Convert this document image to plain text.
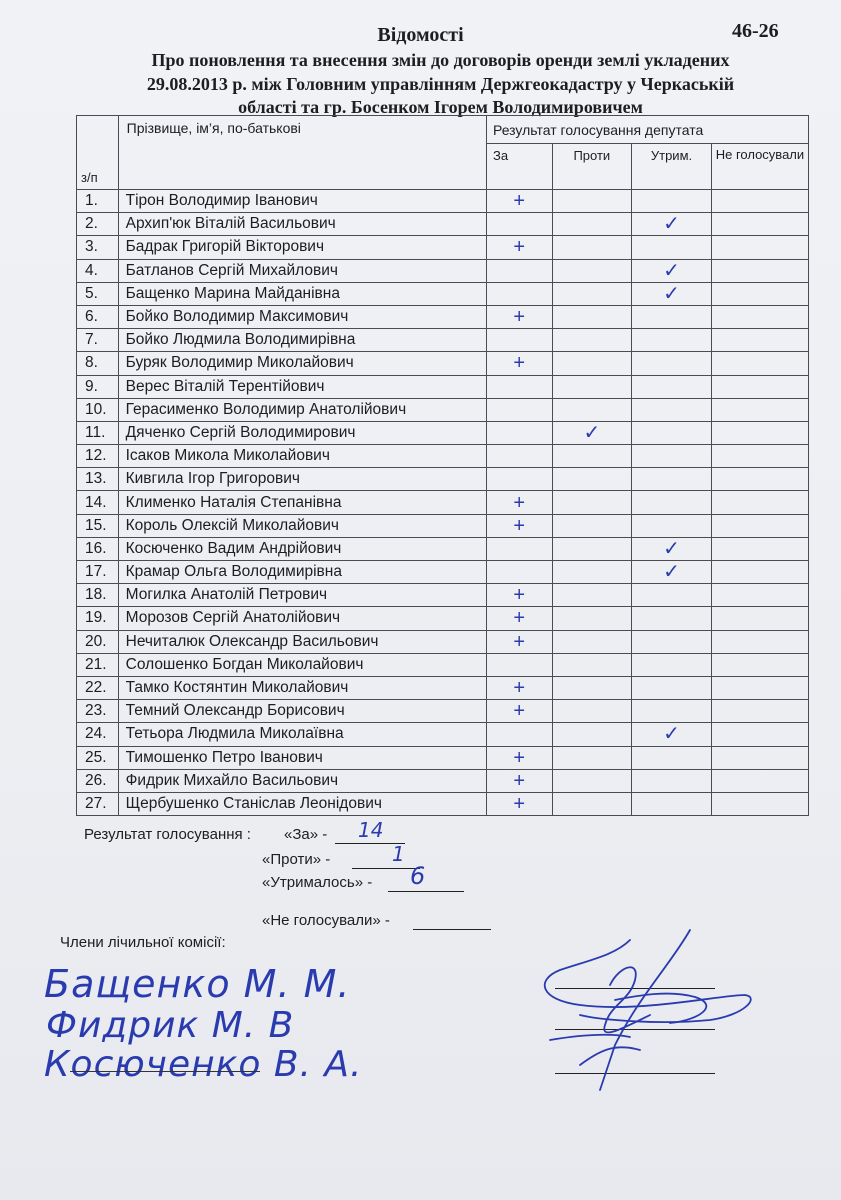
Відомості	46-26
Про поновлення та внесення змін до договорів оренди землі укладених
29.08.2013 р. між Головним управлінням Держгеокадастру у Черкаській
області та гр. Босенком Ігорем Володимировичем
з/п	Прізвище, ім’я, по-батькові	Результат голосування депутата			
		За	Проти	Утрим.	Не голосували
1.	Тірон Володимир Іванович	+			
2.	Архип'юк Віталій Васильович			✓	
3.	Бадрак Григорій Вікторович	+			
4.	Батланов Сергій Михайлович			✓	
5.	Бащенко Марина Майданівна			✓	
6.	Бойко Володимир Максимович	+			
7.	Бойко Людмила Володимирівна				
8.	Буряк Володимир Миколайович	+			
9.	Верес Віталій Терентійович				
10.	Герасименко Володимир Анатолійович				
11.	Дяченко Сергій Володимирович		✓		
12.	Ісаков Микола Миколайович				
13.	Кивгила Ігор Григорович				
14.	Клименко Наталія Степанівна	+			
15.	Король Олексій Миколайович	+			
16.	Косюченко Вадим Андрійович			✓	
17.	Крамар Ольга Володимирівна			✓	
18.	Могилка Анатолій Петрович	+			
19.	Морозов Сергій Анатолійович	+			
20.	Нечиталюк Олександр Васильович	+			
21.	Солошенко Богдан Миколайович				
22.	Тамко Костянтин Миколайович	+			
23.	Темний Олександр Борисович	+			
24.	Тетьора Людмила Миколаївна			✓	
25.	Тимошенко Петро Іванович	+			
26.	Фидрик Михайло Васильович	+			
27.	Щербушенко Станіслав Леонідович	+			
Результат голосування : «За» - 14
«Проти» -	1
«Утрималось» - 6
«Не голосували» -
Члени лічильної комісії:
Бащенко М. М.
Фидрик М. В
Косюченко В. А.
